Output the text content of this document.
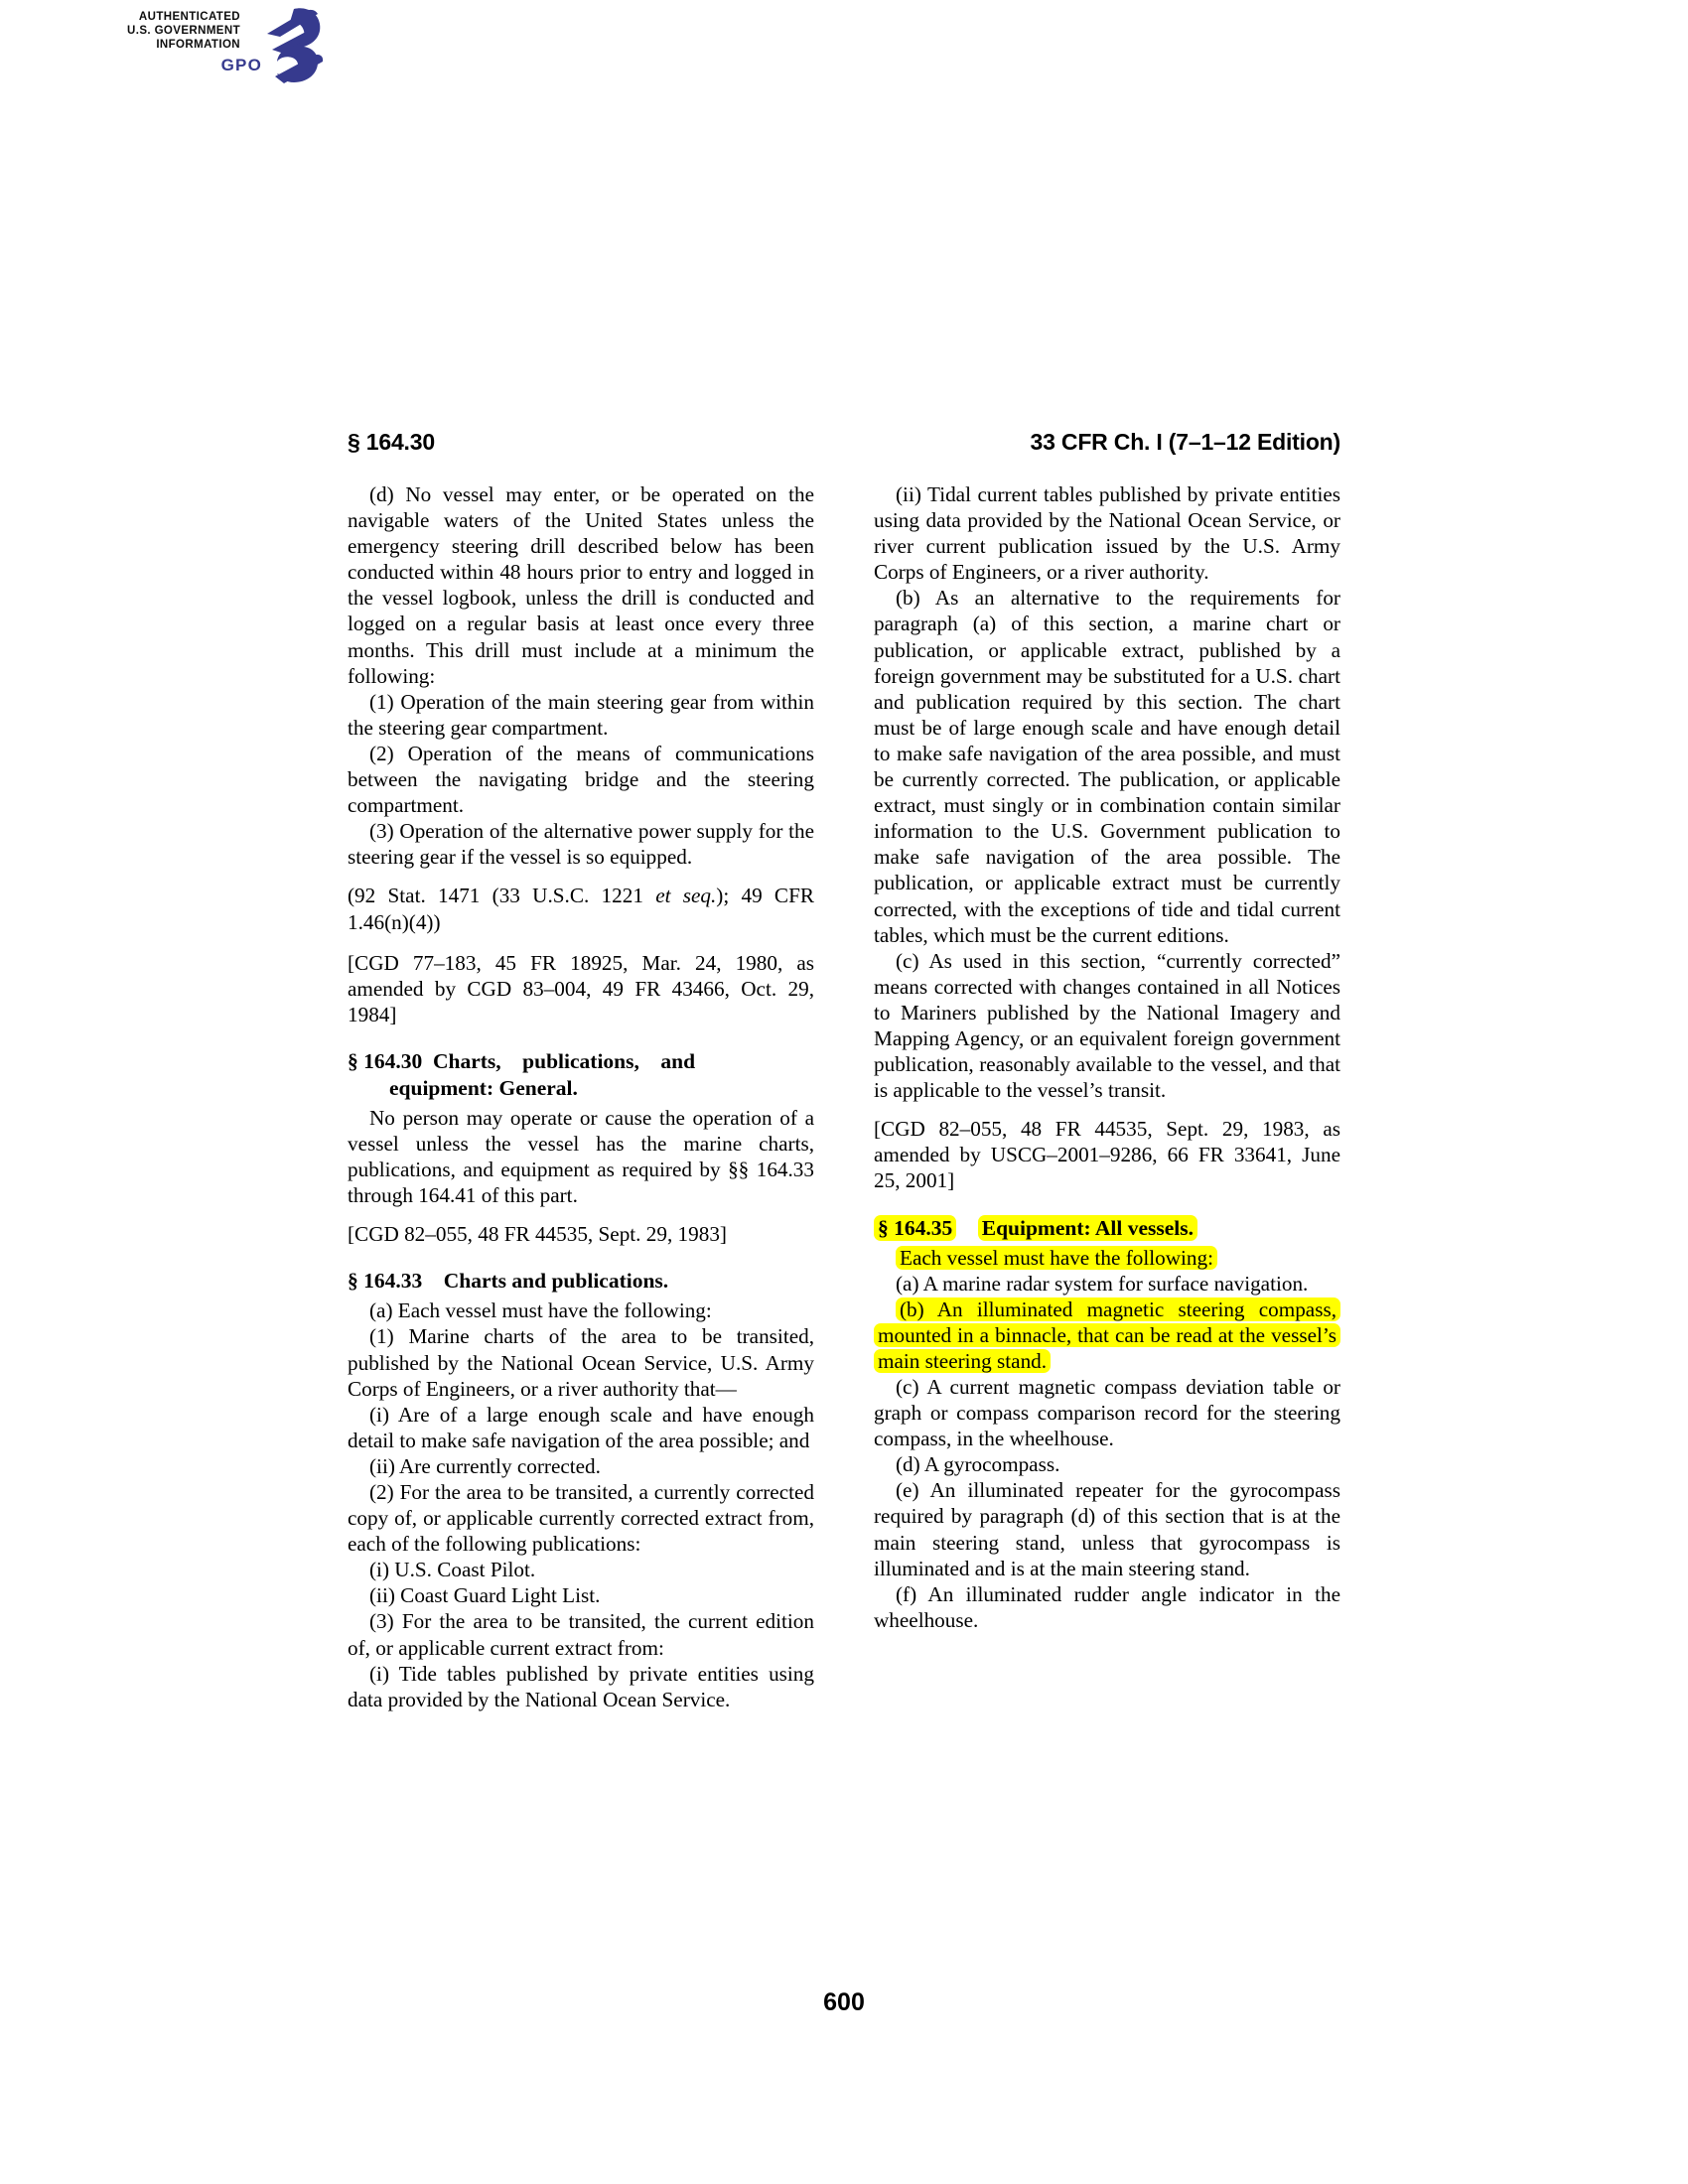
AUTHENTICATED
U.S. GOVERNMENT
INFORMATION
GPO
§ 164.30	33 CFR Ch. I (7–1–12 Edition)

(d) No vessel may enter, or be operated on the navigable waters of the United States unless the emergency steering drill described below has been conducted within 48 hours prior to entry and logged in the vessel logbook, unless the drill is conducted and logged on a regular basis at least once every three months. This drill must include at a minimum the following:

(1) Operation of the main steering gear from within the steering gear compartment.

(2) Operation of the means of communications between the navigating bridge and the steering compartment.

(3) Operation of the alternative power supply for the steering gear if the vessel is so equipped.

(92 Stat. 1471 (33 U.S.C. 1221 et seq.); 49 CFR 1.46(n)(4))

[CGD 77–183, 45 FR 18925, Mar. 24, 1980, as amended by CGD 83–004, 49 FR 43466, Oct. 29, 1984]

§ 164.30  Charts, publications, and
equipment: General.

No person may operate or cause the operation of a vessel unless the vessel has the marine charts, publications, and equipment as required by §§ 164.33 through 164.41 of this part.

[CGD 82–055, 48 FR 44535, Sept. 29, 1983]

§ 164.33  Charts and publications.

(a) Each vessel must have the following:

(1) Marine charts of the area to be transited, published by the National Ocean Service, U.S. Army Corps of Engineers, or a river authority that—

(i) Are of a large enough scale and have enough detail to make safe navigation of the area possible; and

(ii) Are currently corrected.

(2) For the area to be transited, a currently corrected copy of, or applicable currently corrected extract from, each of the following publications:

(i) U.S. Coast Pilot.

(ii) Coast Guard Light List.

(3) For the area to be transited, the current edition of, or applicable current extract from:

(i) Tide tables published by private entities using data provided by the National Ocean Service.

(ii) Tidal current tables published by private entities using data provided by the National Ocean Service, or river current publication issued by the U.S. Army Corps of Engineers, or a river authority.

(b) As an alternative to the requirements for paragraph (a) of this section, a marine chart or publication, or applicable extract, published by a foreign government may be substituted for a U.S. chart and publication required by this section. The chart must be of large enough scale and have enough detail to make safe navigation of the area possible, and must be currently corrected. The publication, or applicable extract, must singly or in combination contain similar information to the U.S. Government publication to make safe navigation of the area possible. The publication, or applicable extract must be currently corrected, with the exceptions of tide and tidal current tables, which must be the current editions.

(c) As used in this section, “currently corrected” means corrected with changes contained in all Notices to Mariners published by the National Imagery and Mapping Agency, or an equivalent foreign government publication, reasonably available to the vessel, and that is applicable to the vessel’s transit.

[CGD 82–055, 48 FR 44535, Sept. 29, 1983, as amended by USCG–2001–9286, 66 FR 33641, June 25, 2001]

§ 164.35  Equipment: All vessels.

Each vessel must have the following:

(a) A marine radar system for surface navigation.

(b) An illuminated magnetic steering compass, mounted in a binnacle, that can be read at the vessel’s main steering stand.

(c) A current magnetic compass deviation table or graph or compass comparison record for the steering compass, in the wheelhouse.

(d) A gyrocompass.

(e) An illuminated repeater for the gyrocompass required by paragraph (d) of this section that is at the main steering stand, unless that gyrocompass is illuminated and is at the main steering stand.

(f) An illuminated rudder angle indicator in the wheelhouse.

600
